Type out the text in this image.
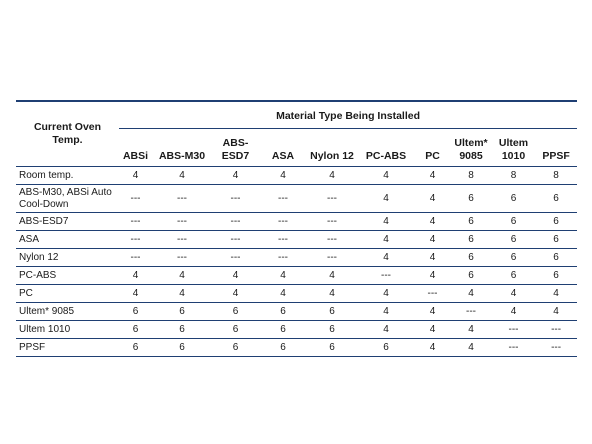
Current Oven Temp.	Material Type Being Installed									
	ABSi	ABS-M30	ABS-ESD7	ASA	Nylon 12	PC-ABS	PC	Ultem* 9085	Ultem 1010	PPSF
Room temp.	4	4	4	4	4	4	4	8	8	8
ABS-M30, ABSi Auto Cool-Down	---	---	---	---	---	4	4	6	6	6
ABS-ESD7	---	---	---	---	---	4	4	6	6	6
ASA	---	---	---	---	---	4	4	6	6	6
Nylon 12	---	---	---	---	---	4	4	6	6	6
PC-ABS	4	4	4	4	4	---	4	6	6	6
PC	4	4	4	4	4	4	---	4	4	4
Ultem* 9085	6	6	6	6	6	4	4	---	4	4
Ultem 1010	6	6	6	6	6	4	4	4	---	---
PPSF	6	6	6	6	6	6	4	4	---	---
